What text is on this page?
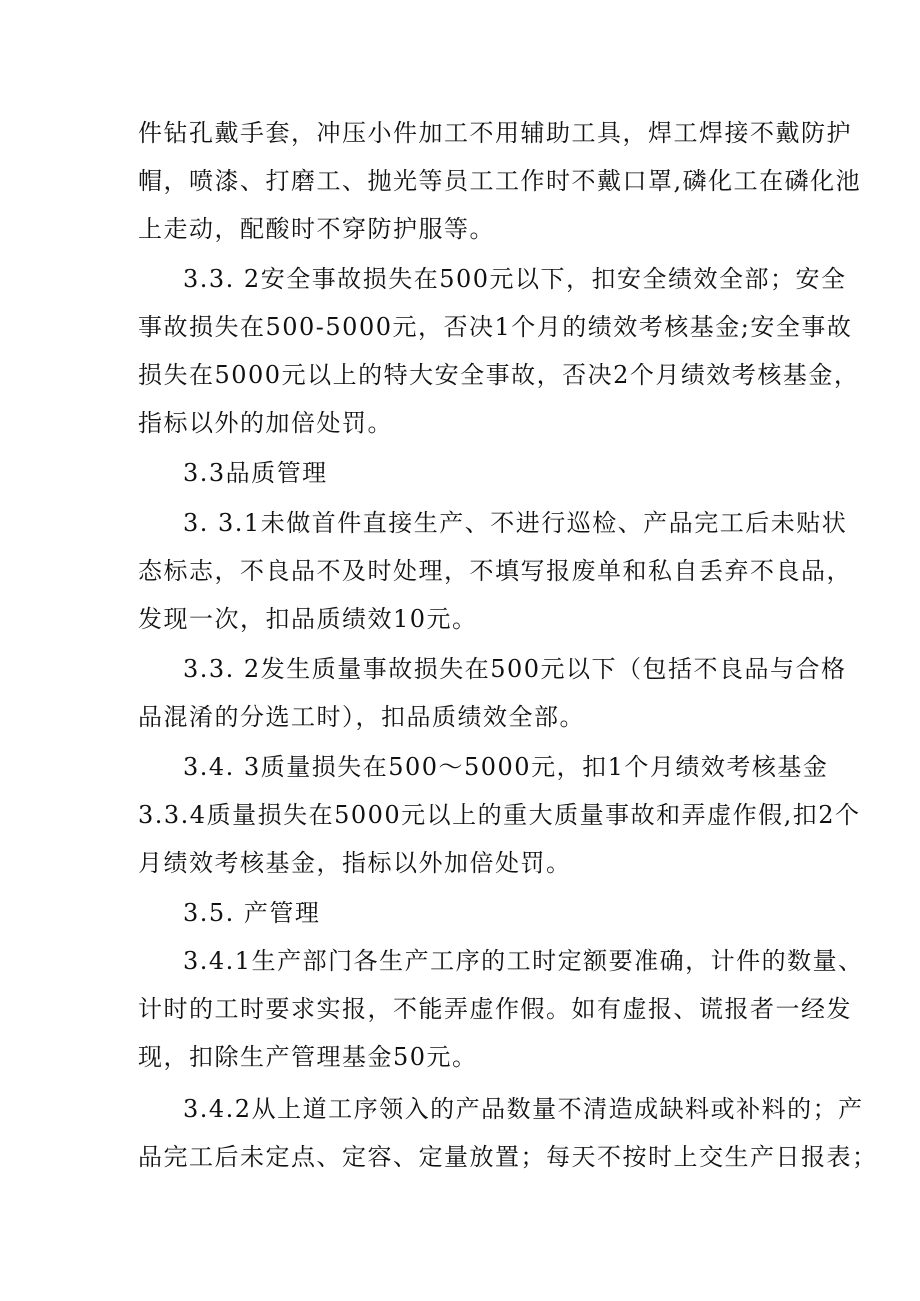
件钻孔戴手套，冲压小件加工不用辅助工具，焊工焊接不戴防护
帽，喷漆、打磨工、抛光等员工工作时不戴口罩,磷化工在磷化池
上走动，配酸时不穿防护服等。
3.3. 2安全事故损失在500元以下，扣安全绩效全部；安全
事故损失在500-5000元，否决1个月的绩效考核基金;安全事故
损失在5000元以上的特大安全事故，否决2个月绩效考核基金，
指标以外的加倍处罚。
3.3品质管理
3. 3.1未做首件直接生产、不进行巡检、产品完工后未贴状
态标志，不良品不及时处理，不填写报废单和私自丢弃不良品，
发现一次，扣品质绩效10元。
3.3. 2发生质量事故损失在500元以下（包括不良品与合格
品混淆的分选工时），扣品质绩效全部。
3.4. 3质量损失在500～5000元，扣1个月绩效考核基金
3.3.4质量损失在5000元以上的重大质量事故和弄虚作假,扣2个
月绩效考核基金，指标以外加倍处罚。
3.5. 产管理
3.4.1生产部门各生产工序的工时定额要准确，计件的数量、
计时的工时要求实报，不能弄虚作假。如有虚报、谎报者一经发
现，扣除生产管理基金50元。
3.4.2从上道工序领入的产品数量不清造成缺料或补料的；产
品完工后未定点、定容、定量放置；每天不按时上交生产日报表；
